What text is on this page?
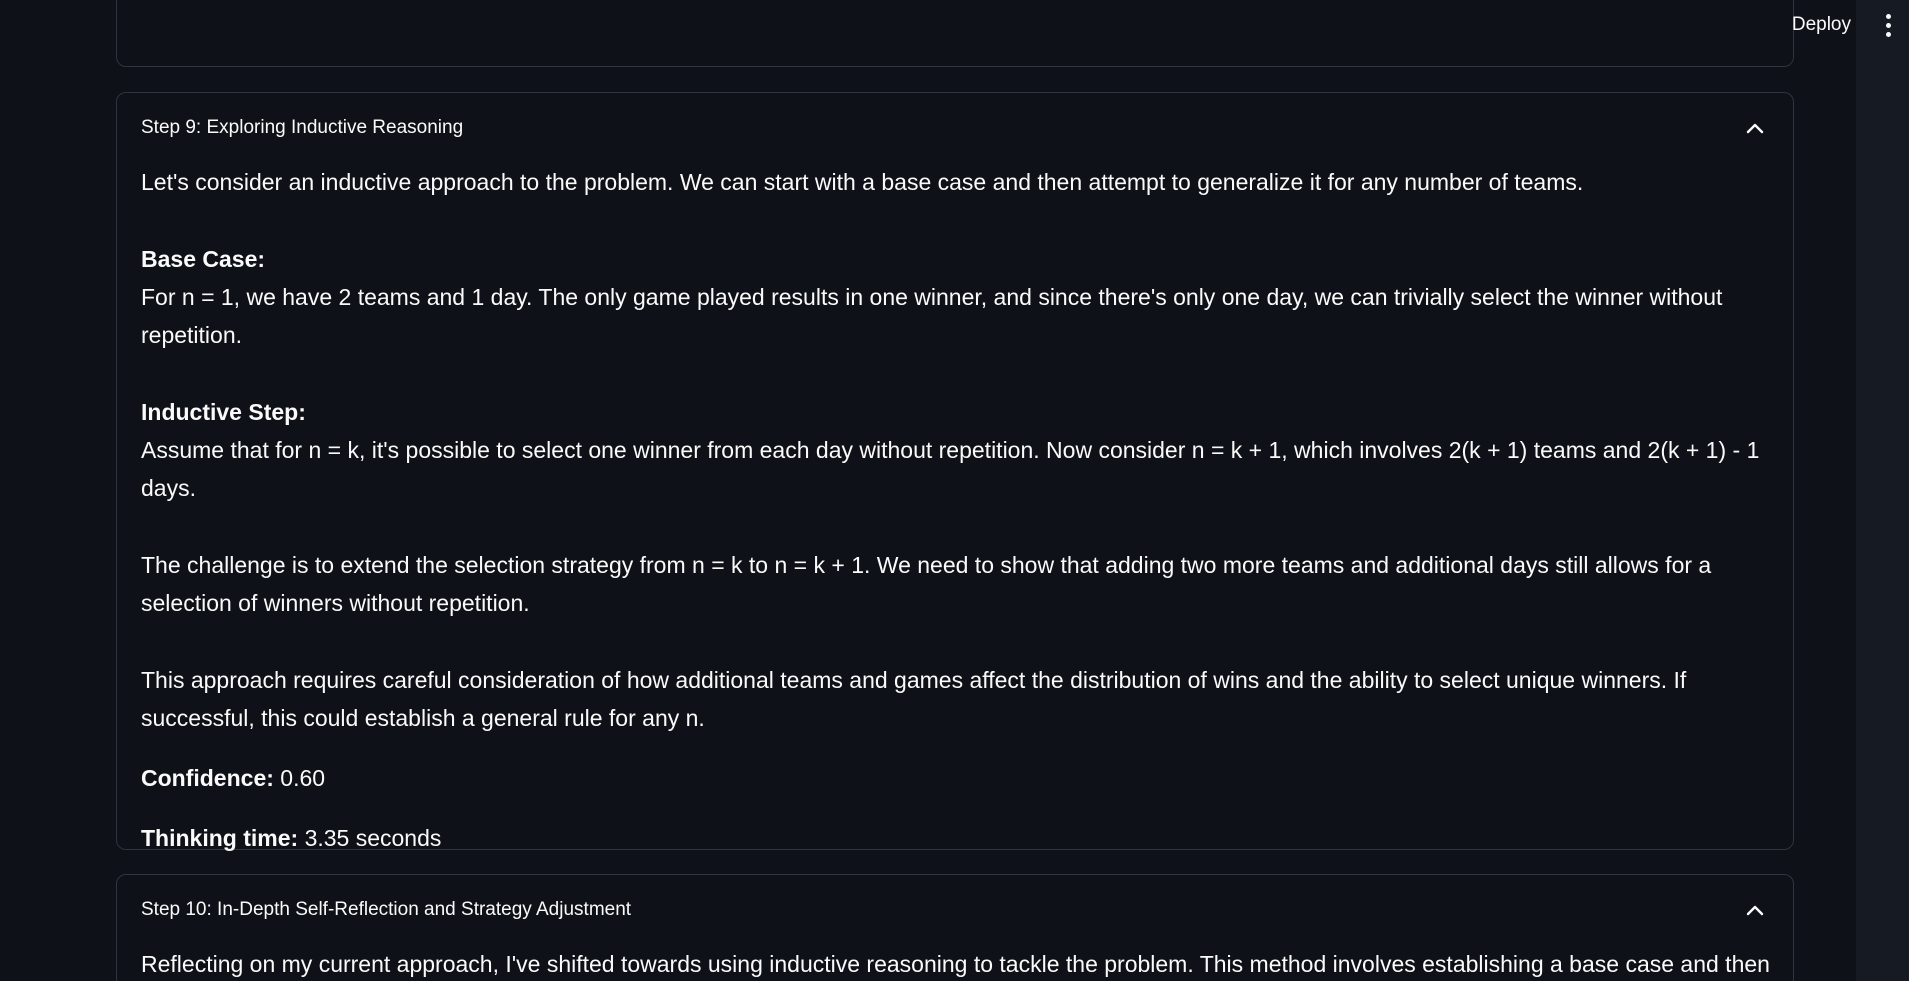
Deploy
Step 9: Exploring Inductive Reasoning

Let's consider an inductive approach to the problem. We can start with a base case and then attempt to generalize it for any number of teams.

Base Case:
For n = 1, we have 2 teams and 1 day. The only game played results in one winner, and since there's only one day, we can trivially select the winner without repetition.

Inductive Step:
Assume that for n = k, it's possible to select one winner from each day without repetition. Now consider n = k + 1, which involves 2(k + 1) teams and 2(k + 1) - 1 days.

The challenge is to extend the selection strategy from n = k to n = k + 1. We need to show that adding two more teams and additional days still allows for a selection of winners without repetition.

This approach requires careful consideration of how additional teams and games affect the distribution of wins and the ability to select unique winners. If successful, this could establish a general rule for any n.

Confidence: 0.60

Thinking time: 3.35 seconds

Step 10: In-Depth Self-Reflection and Strategy Adjustment
Reflecting on my current approach, I've shifted towards using inductive reasoning to tackle the problem. This method involves establishing a base case and then
